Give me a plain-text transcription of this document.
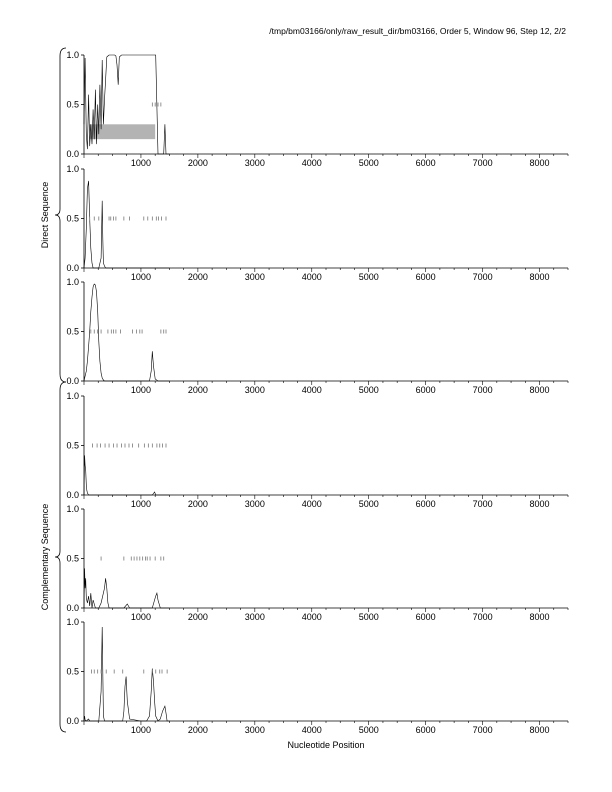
/tmp/bm03166/only/raw_result_dir/bm03166, Order 5, Window 96, Step 12, 2/2
0.0
0.5
1.0
1000	2000	3000	4000	5000	6000	7000	8000
0.0
0.5
1.0
1000	2000	3000	4000	5000	6000	7000	8000
0.0
0.5
1.0
1000	2000	3000	4000	5000	6000	7000	8000
0.0
0.5
1.0
1000	2000	3000	4000	5000	6000	7000	8000
0.0
0.5
1.0
1000	2000	3000	4000	5000	6000	7000	8000
0.0
0.5
1.0
1000	2000	3000	4000	5000	6000	7000	8000
Direct Sequence
Complementary Sequence
Nucleotide Position
